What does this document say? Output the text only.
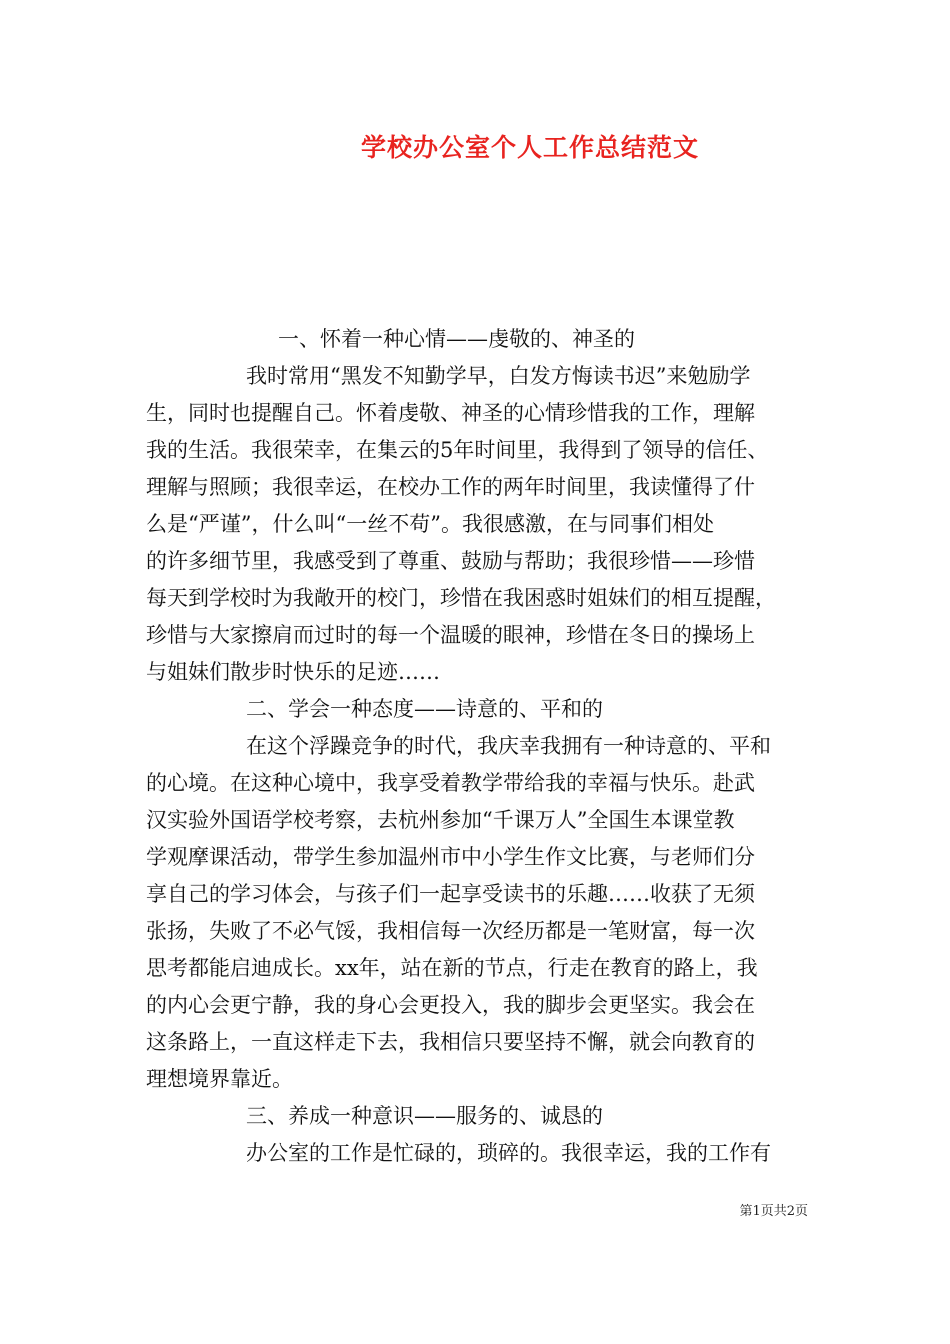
学校办公室个人工作总结范文
一、怀着一种心情——虔敬的、神圣的
我时常用“黑发不知勤学早，白发方悔读书迟”来勉励学
生，同时也提醒自己。怀着虔敬、神圣的心情珍惜我的工作，理解
我的生活。我很荣幸，在集云的5年时间里，我得到了领导的信任、
理解与照顾；我很幸运，在校办工作的两年时间里，我读懂得了什
么是“严谨”，什么叫“一丝不苟”。我很感激，在与同事们相处
的许多细节里，我感受到了尊重、鼓励与帮助；我很珍惜——珍惜
每天到学校时为我敞开的校门，珍惜在我困惑时姐妹们的相互提醒，
珍惜与大家擦肩而过时的每一个温暖的眼神，珍惜在冬日的操场上
与姐妹们散步时快乐的足迹……
二、学会一种态度——诗意的、平和的
在这个浮躁竞争的时代，我庆幸我拥有一种诗意的、平和
的心境。在这种心境中，我享受着教学带给我的幸福与快乐。赴武
汉实验外国语学校考察，去杭州参加“千课万人”全国生本课堂教
学观摩课活动，带学生参加温州市中小学生作文比赛，与老师们分
享自己的学习体会，与孩子们一起享受读书的乐趣……收获了无须
张扬，失败了不必气馁，我相信每一次经历都是一笔财富，每一次
思考都能启迪成长。xx年，站在新的节点，行走在教育的路上，我
的内心会更宁静，我的身心会更投入，我的脚步会更坚实。我会在
这条路上，一直这样走下去，我相信只要坚持不懈，就会向教育的
理想境界靠近。
三、养成一种意识——服务的、诚恳的
办公室的工作是忙碌的，琐碎的。我很幸运，我的工作有
第1页共2页
